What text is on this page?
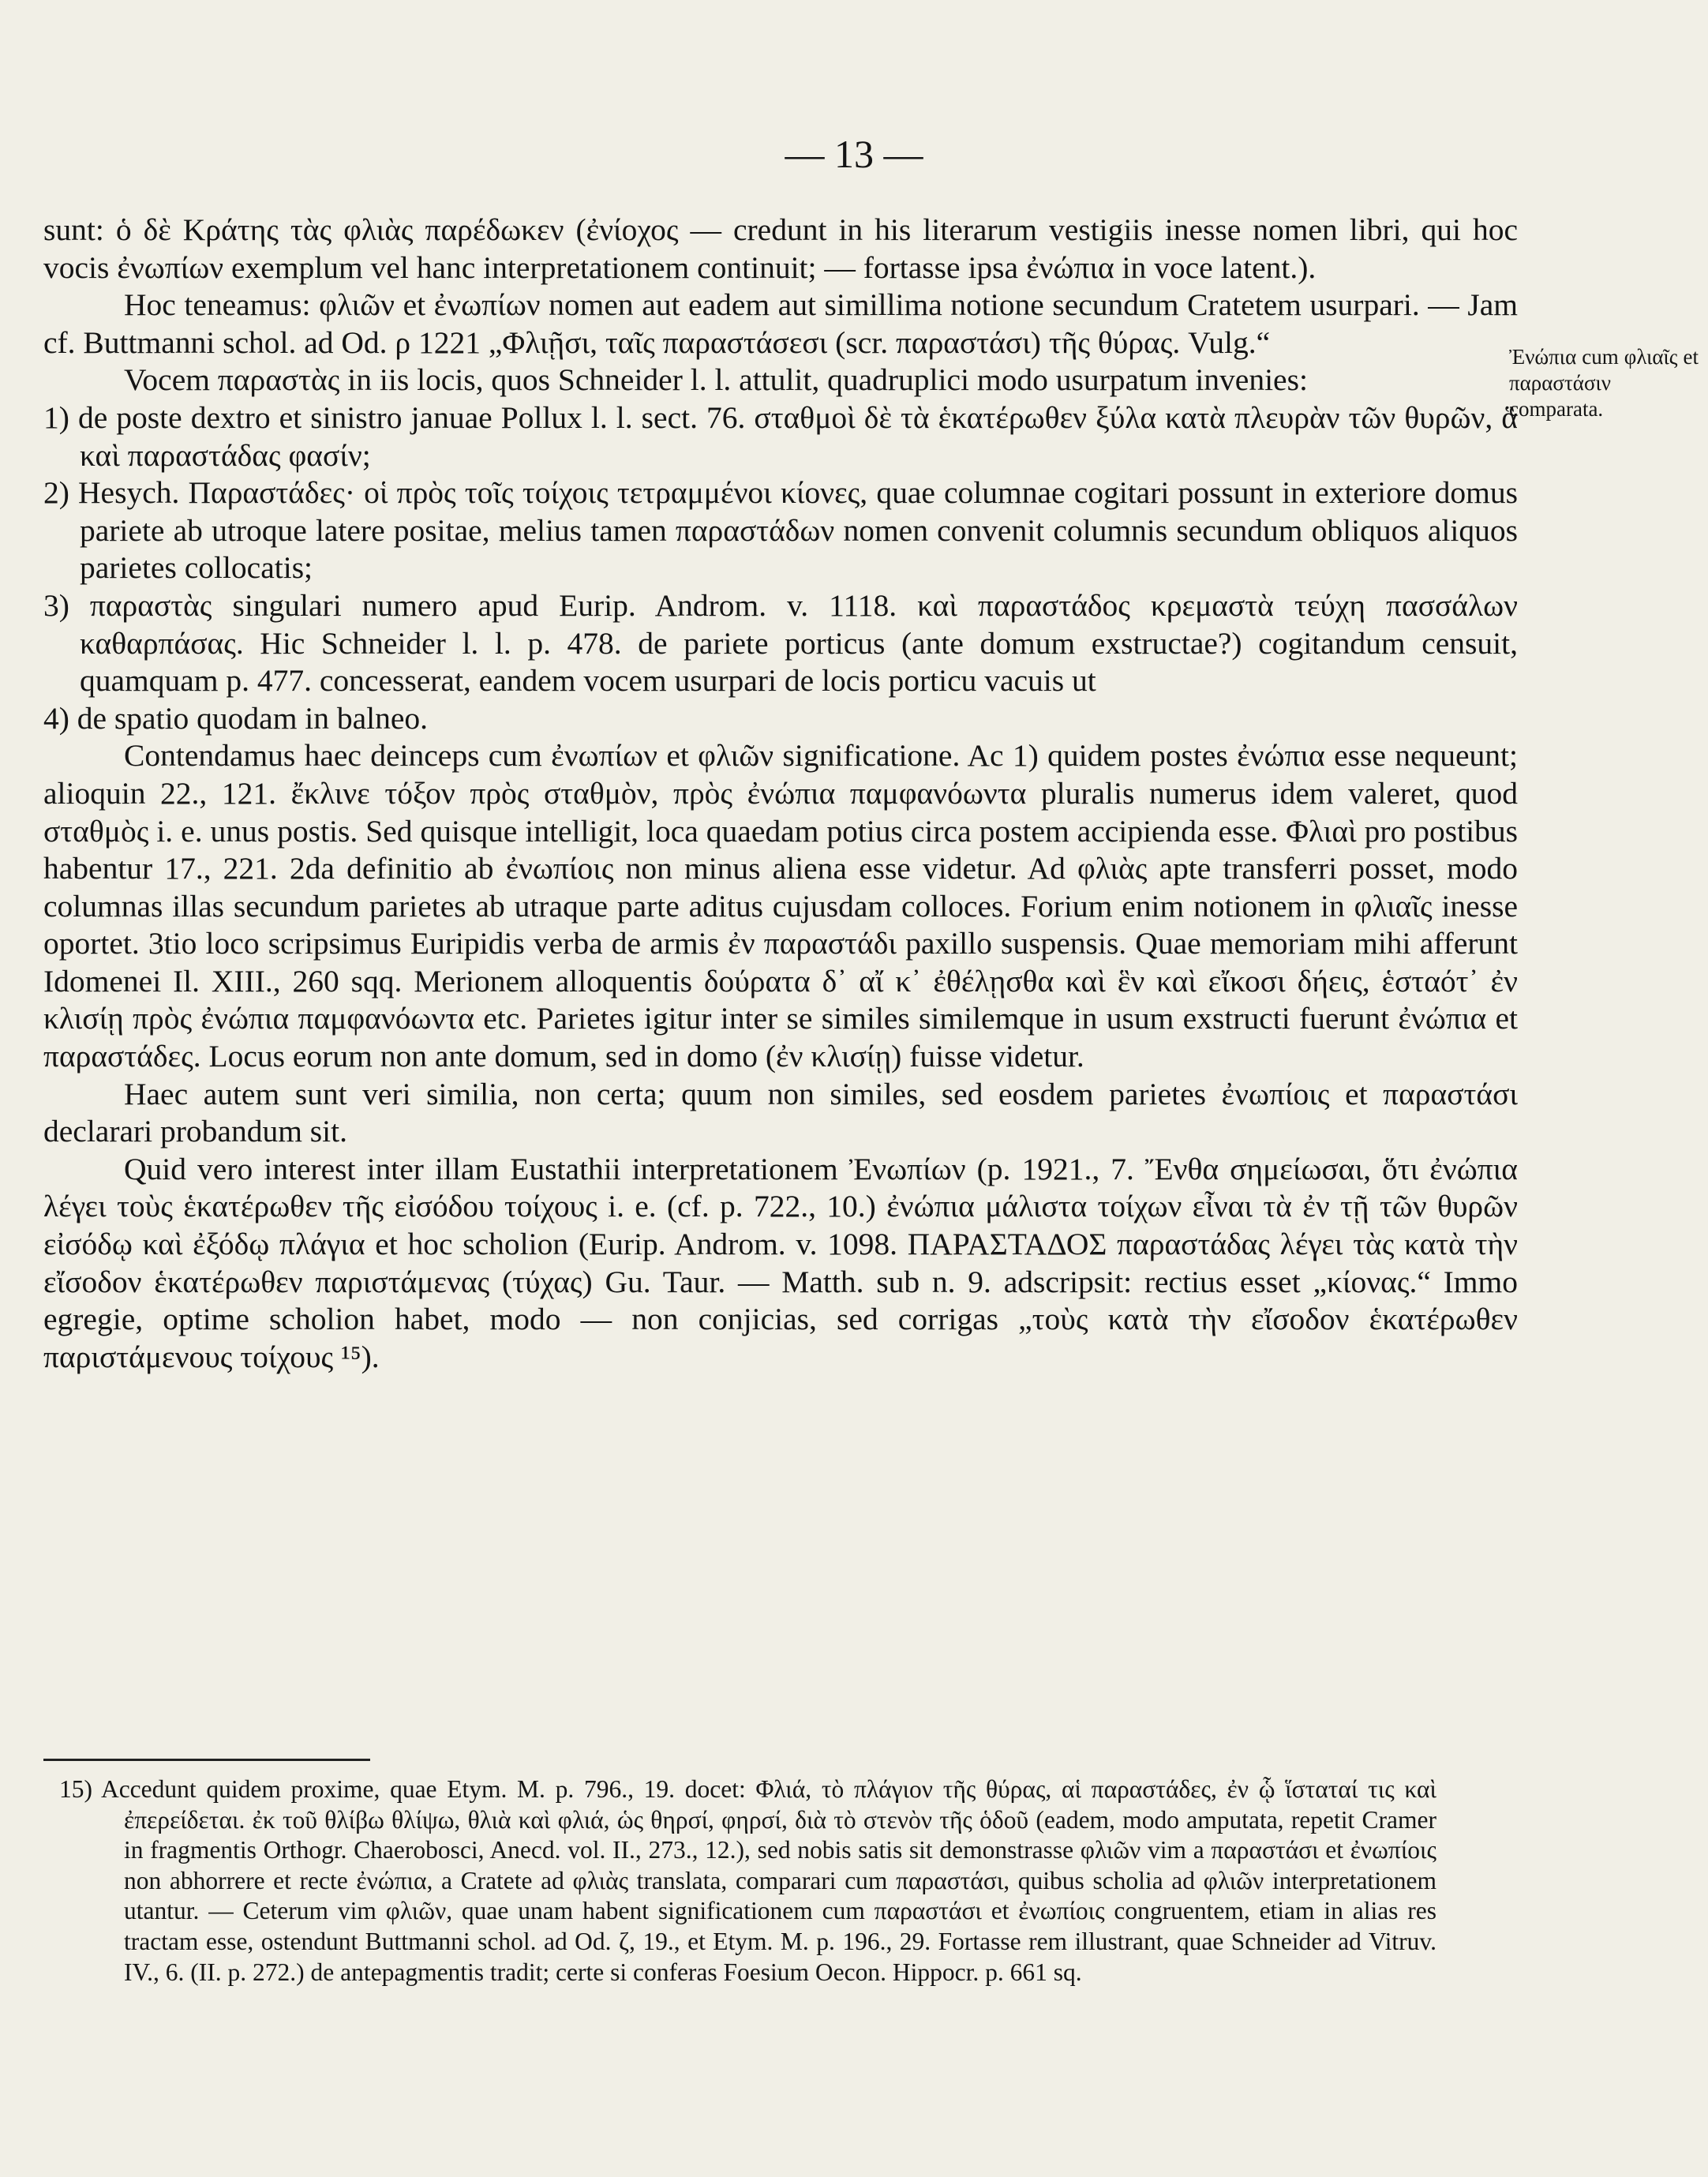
— 13 —

sunt: ὁ δὲ Κράτης τὰς φλιὰς παρέδωκεν (ἐνίοχος — credunt in his literarum vestigiis inesse nomen libri, qui hoc vocis ἐνωπίων exemplum vel hanc interpretationem continuit; — fortasse ipsa ἐνώπια in voce latent.).

Hoc teneamus: φλιῶν et ἐνωπίων nomen aut eadem aut simillima notione secundum Cratetem usurpari. — Jam cf. Buttmanni schol. ad Od. ρ 1221 „Φλιῇσι, ταῖς παραστάσεσι (scr. παραστάσι) τῆς θύρας. Vulg.“

Vocem παραστὰς in iis locis, quos Schneider l. l. attulit, quadruplici modo usurpatum invenies:

1) de poste dextro et sinistro januae Pollux l. l. sect. 76. σταθμοὶ δὲ τὰ ἑκατέρωθεν ξύλα κατὰ πλευρὰν τῶν θυρῶν, ἃ καὶ παραστάδας φασίν;

2) Hesych. Παραστάδες· οἱ πρὸς τοῖς τοίχοις τετραμμένοι κίονες, quae columnae cogitari possunt in exteriore domus pariete ab utroque latere positae, melius tamen παραστάδων nomen convenit columnis secundum obliquos aliquos parietes collocatis;

3) παραστὰς singulari numero apud Eurip. Androm. v. 1118. καὶ παραστάδος κρεμαστὰ τεύχη πασσάλων καθαρπάσας. Hic Schneider l. l. p. 478. de pariete porticus (ante domum exstructae?) cogitandum censuit, quamquam p. 477. concesserat, eandem vocem usurpari de locis porticu vacuis ut

4) de spatio quodam in balneo.

Contendamus haec deinceps cum ἐνωπίων et φλιῶν significatione. Ac 1) quidem postes ἐνώπια esse nequeunt; alioquin 22., 121. ἔκλινε τόξον πρὸς σταθμὸν, πρὸς ἐνώπια παμφανόωντα pluralis numerus idem valeret, quod σταθμὸς i. e. unus postis. Sed quisque intelligit, loca quaedam potius circa postem accipienda esse. Φλιαὶ pro postibus habentur 17., 221. 2da definitio ab ἐνωπίοις non minus aliena esse videtur. Ad φλιὰς apte transferri posset, modo columnas illas secundum parietes ab utraque parte aditus cujusdam colloces. Forium enim notionem in φλιαῖς inesse oportet. 3tio loco scripsimus Euripidis verba de armis ἐν παραστάδι paxillo suspensis. Quae memoriam mihi afferunt Idomenei Il. XIII., 260 sqq. Merionem alloquentis δούρατα δ᾽ αἴ κ᾽ ἐθέλῃσθα καὶ ἓν καὶ εἴκοσι δήεις, ἑσταότ᾽ ἐν κλισίῃ πρὸς ἐνώπια παμφανόωντα etc. Parietes igitur inter se similes similemque in usum exstructi fuerunt ἐνώπια et παραστάδες. Locus eorum non ante domum, sed in domo (ἐν κλισίῃ) fuisse videtur.

Haec autem sunt veri similia, non certa; quum non similes, sed eosdem parietes ἐνωπίοις et παραστάσι declarari probandum sit.

Quid vero interest inter illam Eustathii interpretationem Ἐνωπίων (p. 1921., 7. Ἔνθα σημείωσαι, ὅτι ἐνώπια λέγει τοὺς ἑκατέρωθεν τῆς εἰσόδου τοίχους i. e. (cf. p. 722., 10.) ἐνώπια μάλιστα τοίχων εἶναι τὰ ἐν τῇ τῶν θυρῶν εἰσόδῳ καὶ ἐξόδῳ πλάγια et hoc scholion (Eurip. Androm. v. 1098. ΠΑΡΑΣΤΑΔΟΣ παραστάδας λέγει τὰς κατὰ τὴν εἴσοδον ἑκατέρωθεν παριστάμενας (τύχας) Gu. Taur. — Matth. sub n. 9. adscripsit: rectius esset „κίονας.“ Immo egregie, optime scholion habet, modo — non conjicias, sed corrigas „τοὺς κατὰ τὴν εἴσοδον ἑκατέρωθεν παριστάμενους τοίχους ¹⁵).

Ἐνώπια cum φλιαῖς et παραστάσιν comparata.

15) Accedunt quidem proxime, quae Etym. M. p. 796., 19. docet: Φλιά, τὸ πλάγιον τῆς θύρας, αἱ παραστάδες, ἐν ᾧ ἵσταταί τις καὶ ἐπερείδεται. ἐκ τοῦ θλίβω θλίψω, θλιὰ καὶ φλιά, ὡς θηρσί, φηρσί, διὰ τὸ στενὸν τῆς ὁδοῦ (eadem, modo amputata, repetit Cramer in fragmentis Orthogr. Chaerobosci, Anecd. vol. II., 273., 12.), sed nobis satis sit demonstrasse φλιῶν vim a παραστάσι et ἐνωπίοις non abhorrere et recte ἐνώπια, a Cratete ad φλιὰς translata, comparari cum παραστάσι, quibus scholia ad φλιῶν interpretationem utantur. — Ceterum vim φλιῶν, quae unam habent significationem cum παραστάσι et ἐνωπίοις congruentem, etiam in alias res tractam esse, ostendunt Buttmanni schol. ad Od. ζ, 19., et Etym. M. p. 196., 29. Fortasse rem illustrant, quae Schneider ad Vitruv. IV., 6. (II. p. 272.) de antepagmentis tradit; certe si conferas Foesium Oecon. Hippocr. p. 661 sq.
